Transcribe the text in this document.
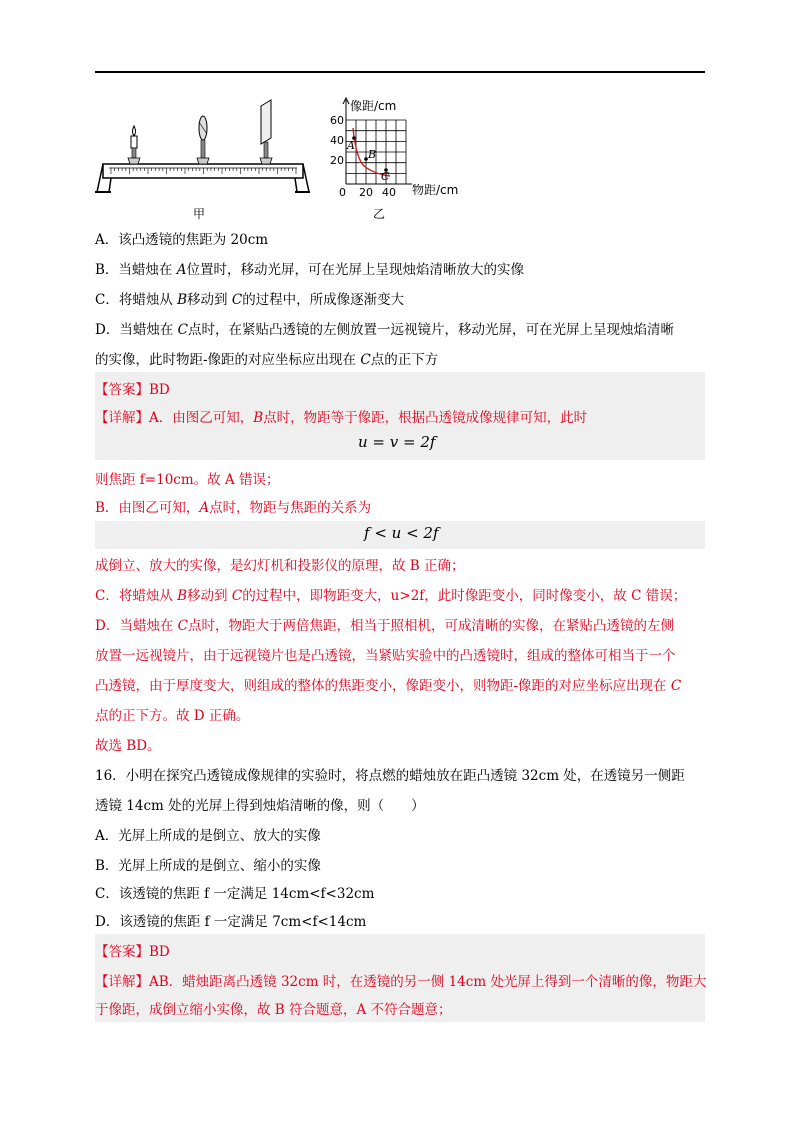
甲
A
B
C
60
40
20
0 20 40
像距/cm
物距/cm
乙
A．该凸透镜的焦距为 20cm
B．当蜡烛在 A位置时，移动光屏，可在光屏上呈现烛焰清晰放大的实像
C．将蜡烛从 B移动到 C的过程中，所成像逐渐变大
D．当蜡烛在 C点时，在紧贴凸透镜的左侧放置一远视镜片，移动光屏，可在光屏上呈现烛焰清晰
的实像，此时物距-像距的对应坐标应出现在 C点的正下方
【答案】BD
【详解】A．由图乙可知，B点时，物距等于像距，根据凸透镜成像规律可知，此时
u = v = 2f
则焦距 f=10cm。故 A 错误；
B．由图乙可知，A点时，物距与焦距的关系为
f < u < 2f
成倒立、放大的实像，是幻灯机和投影仪的原理，故 B 正确；
C．将蜡烛从 B移动到 C的过程中，即物距变大，u>2f，此时像距变小，同时像变小，故 C 错误；
D．当蜡烛在 C点时，物距大于两倍焦距，相当于照相机，可成清晰的实像，在紧贴凸透镜的左侧
放置一远视镜片，由于远视镜片也是凸透镜，当紧贴实验中的凸透镜时，组成的整体可相当于一个
凸透镜，由于厚度变大，则组成的整体的焦距变小，像距变小，则物距-像距的对应坐标应出现在 C
点的正下方。故 D 正确。
故选 BD。
16．小明在探究凸透镜成像规律的实验时，将点燃的蜡烛放在距凸透镜 32cm 处，在透镜另一侧距
透镜 14cm 处的光屏上得到烛焰清晰的像，则（　　）
A．光屏上所成的是倒立、放大的实像
B．光屏上所成的是倒立、缩小的实像
C．该透镜的焦距 f 一定满足 14cm<f<32cm
D．该透镜的焦距 f 一定满足 7cm<f<14cm
【答案】BD
【详解】AB．蜡烛距离凸透镜 32cm 时，在透镜的另一侧 14cm 处光屏上得到一个清晰的像，物距大
于像距，成倒立缩小实像，故 B 符合题意，A 不符合题意；
